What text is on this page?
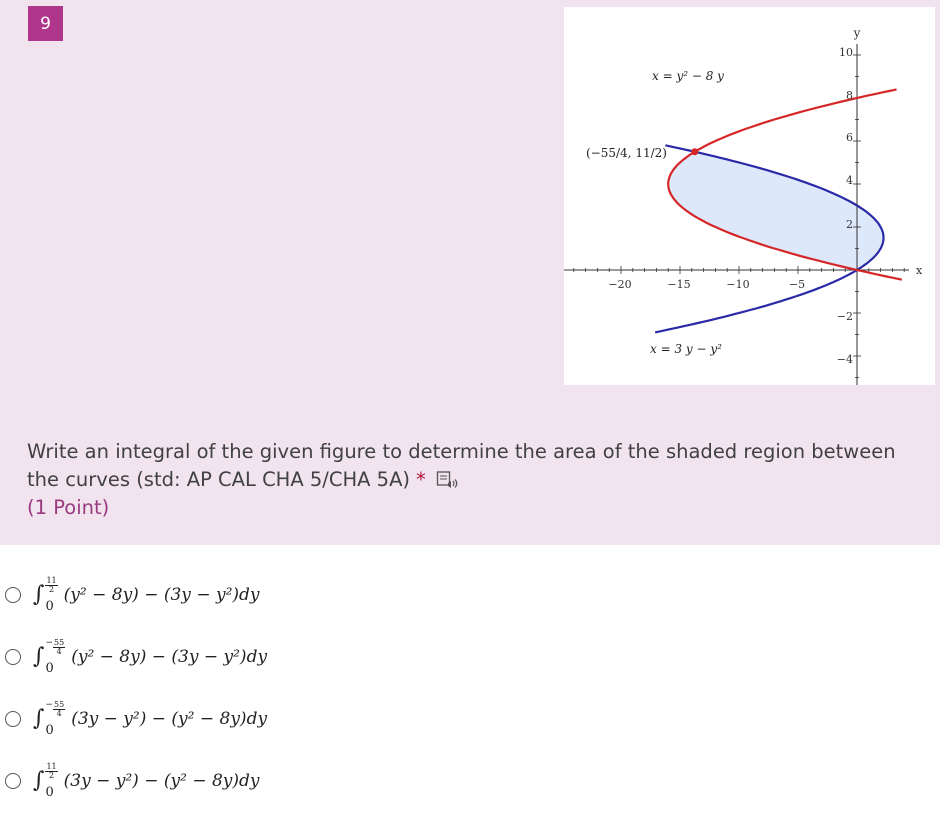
9
−20	−15	−10	−5
10
8
6
4
2
−2
−4
y
x
x = y² − 8 y
x = 3 y − y²
(−55/4, 11/2)
Write an integral of the given figure to determine the area of the shaded region between the curves (std: AP CAL CHA 5/CHA 5A) *
(1 Point)
∫ $\frac{11}{2}$
0
(y² − 8y) − (3y − y²)dy
∫
− $\frac{55}{4}$
0
(y² − 8y) − (3y − y²)dy
∫
− $\frac{55}{4}$
0
(3y − y²) − (y² − 8y)dy
∫ $\frac{11}{2}$
0
(3y − y²) − (y² − 8y)dy
